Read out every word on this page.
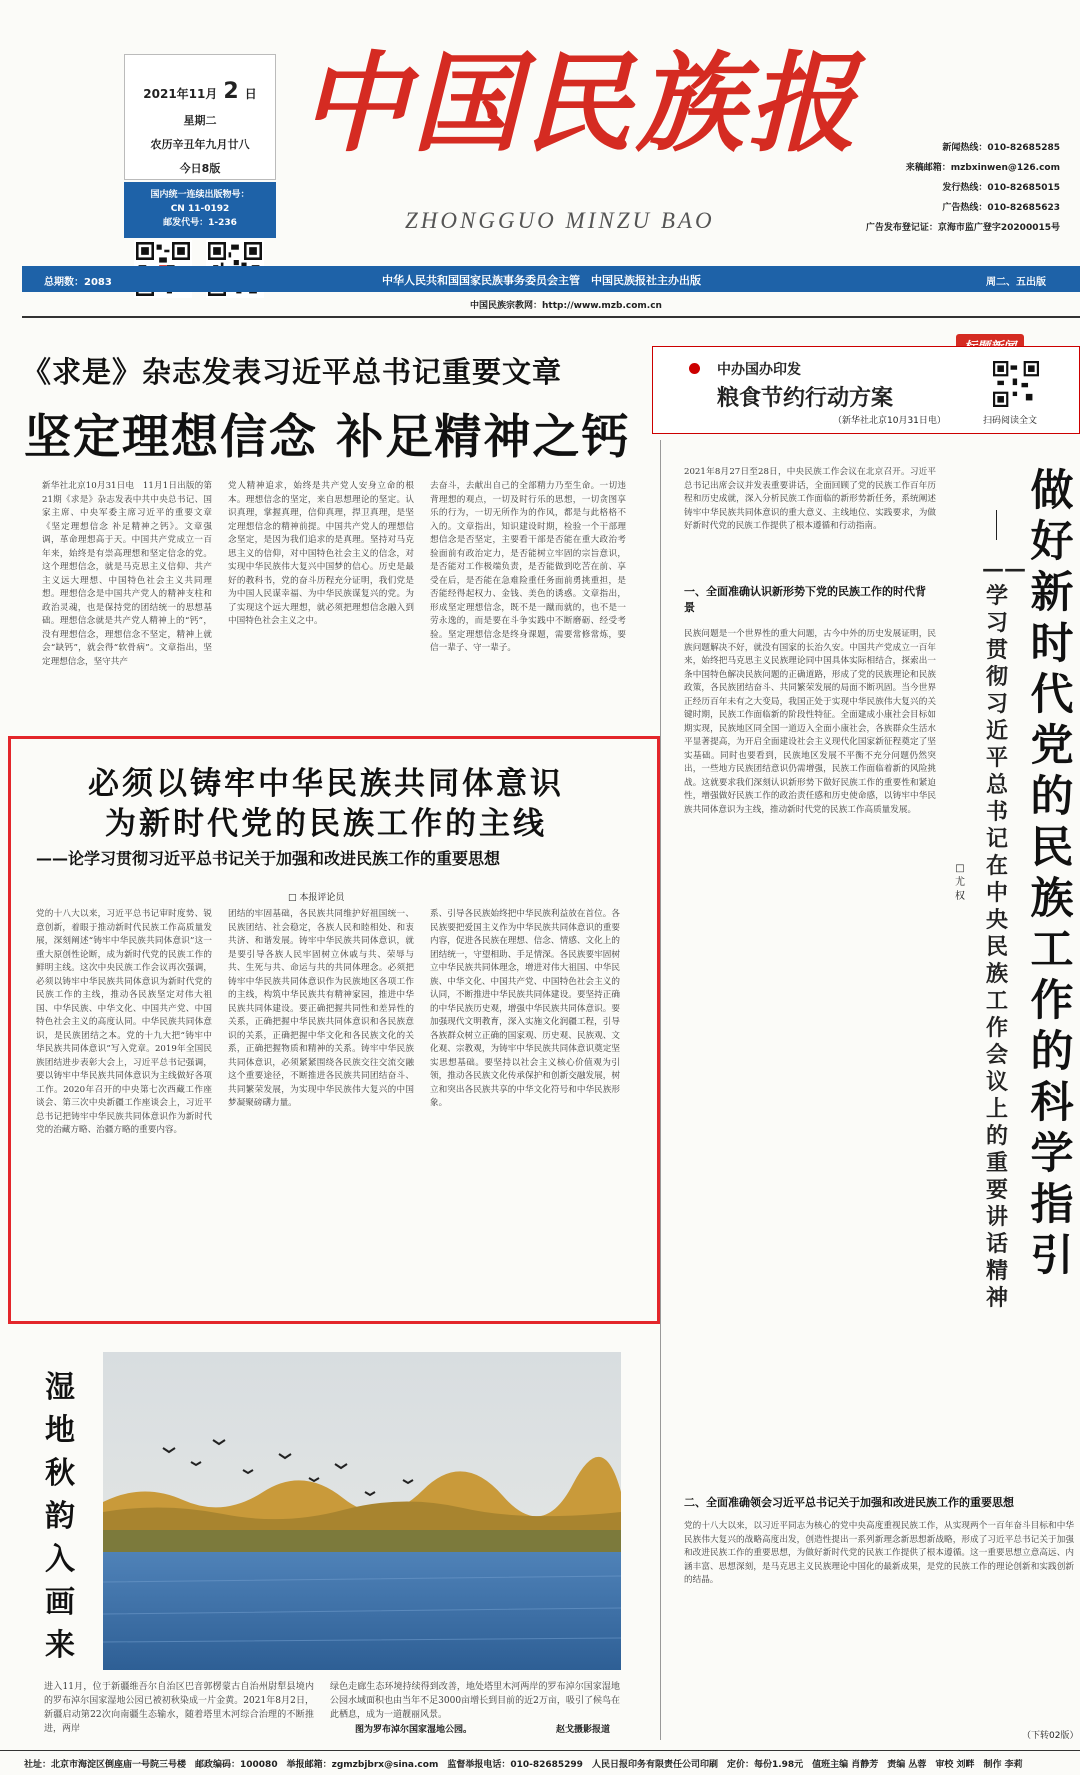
2021年11月 2 日
星期二
农历辛丑年九月廿八
今日8版
国内统一连续出版物号：
CN 11-0192
邮发代号：1-236
中国民族报
ZHONGGUO MINZU BAO
新闻热线：010-82685285
来稿邮箱：mzbxinwen@126.com
发行热线：010-82685015
广告热线：010-82685623
广告发布登记证：京海市监广登字20200015号
总期数：2083	中华人民共和国国家民族事务委员会主管　中国民族报社主办出版	周二、五出版
中国民族宗教网：http://www.mzb.com.cn
《求是》杂志发表习近平总书记重要文章
坚定理想信念 补足精神之钙
新华社北京10月31日电　11月1日出版的第21期《求是》杂志发表中共中央总书记、国家主席、中央军委主席习近平的重要文章《坚定理想信念 补足精神之钙》。文章强调，革命理想高于天。中国共产党成立一百年来，始终是有崇高理想和坚定信念的党。这个理想信念，就是马克思主义信仰、共产主义远大理想、中国特色社会主义共同理想。理想信念是中国共产党人的精神支柱和政治灵魂，也是保持党的团结统一的思想基础。理想信念就是共产党人精神上的“钙”，没有理想信念，理想信念不坚定，精神上就会“缺钙”，就会得“软骨病”。文章指出，坚定理想信念，坚守共产
党人精神追求，始终是共产党人安身立命的根本。理想信念的坚定，来自思想理论的坚定。认识真理，掌握真理，信仰真理，捍卫真理，是坚定理想信念的精神前提。中国共产党人的理想信念坚定，是因为我们追求的是真理。坚持对马克思主义的信仰，对中国特色社会主义的信念，对实现中华民族伟大复兴中国梦的信心。历史是最好的教科书，党的奋斗历程充分证明，我们党是为中国人民谋幸福、为中华民族谋复兴的党。为了实现这个远大理想，就必须把理想信念融入到中国特色社会主义之中。
去奋斗，去献出自己的全部精力乃至生命。一切违背理想的观点，一切及时行乐的思想，一切贪图享乐的行为，一切无所作为的作风，都是与此格格不入的。文章指出，知识建设时期，检验一个干部理想信念是否坚定，主要看干部是否能在重大政治考验面前有政治定力，是否能树立牢固的宗旨意识，是否能对工作极端负责，是否能做到吃苦在前、享受在后，是否能在急难险重任务面前勇挑重担，是否能经得起权力、金钱、美色的诱惑。文章指出，形成坚定理想信念，既不是一蹴而就的，也不是一劳永逸的，而是要在斗争实践中不断磨砺、经受考验。坚定理想信念是终身课题，需要常修常炼，要信一辈子、守一辈子。
中办国办印发
粮食节约行动方案
（新华社北京10月31日电）	扫码阅读全文
必须以铸牢中华民族共同体意识
为新时代党的民族工作的主线
——论学习贯彻习近平总书记关于加强和改进民族工作的重要思想
□ 本报评论员
党的十八大以来，习近平总书记审时度势、锐意创新，着眼于推动新时代民族工作高质量发展，深刻阐述“铸牢中华民族共同体意识”这一重大原创性论断，成为新时代党的民族工作的鲜明主线。这次中央民族工作会议再次强调，必须以铸牢中华民族共同体意识为新时代党的民族工作的主线，推动各民族坚定对伟大祖国、中华民族、中华文化、中国共产党、中国特色社会主义的高度认同。中华民族共同体意识，是民族团结之本。党的十九大把“铸牢中华民族共同体意识”写入党章。2019年全国民族团结进步表彰大会上，习近平总书记强调，要以铸牢中华民族共同体意识为主线做好各项工作。2020年召开的中央第七次西藏工作座谈会、第三次中央新疆工作座谈会上，习近平总书记把铸牢中华民族共同体意识作为新时代党的治藏方略、治疆方略的重要内容。
团结的牢固基础，各民族共同维护好祖国统一、民族团结、社会稳定，各族人民和睦相处、和衷共济、和谐发展。铸牢中华民族共同体意识，就是要引导各族人民牢固树立休戚与共、荣辱与共、生死与共、命运与共的共同体理念。必须把铸牢中华民族共同体意识作为民族地区各项工作的主线，构筑中华民族共有精神家园，推进中华民族共同体建设。要正确把握共同性和差异性的关系，正确把握中华民族共同体意识和各民族意识的关系，正确把握中华文化和各民族文化的关系，正确把握物质和精神的关系。铸牢中华民族共同体意识，必须紧紧围绕各民族交往交流交融这个重要途径，不断推进各民族共同团结奋斗、共同繁荣发展，为实现中华民族伟大复兴的中国梦凝聚磅礴力量。
系、引导各民族始终把中华民族利益放在首位。各民族要把爱国主义作为中华民族共同体意识的重要内容，促进各民族在理想、信念、情感、文化上的团结统一，守望相助、手足情深。各民族要牢固树立中华民族共同体理念，增进对伟大祖国、中华民族、中华文化、中国共产党、中国特色社会主义的认同，不断推进中华民族共同体建设。要坚持正确的中华民族历史观，增强中华民族共同体意识。要加强现代文明教育，深入实施文化润疆工程，引导各族群众树立正确的国家观、历史观、民族观、文化观、宗教观，为铸牢中华民族共同体意识奠定坚实思想基础。要坚持以社会主义核心价值观为引领，推动各民族文化传承保护和创新交融发展，树立和突出各民族共享的中华文化符号和中华民族形象。
做好新时代党的民族工作的科学指引
——学习贯彻习近平总书记在中央民族工作会议上的重要讲话精神
□ 尤权
2021年8月27日至28日，中央民族工作会议在北京召开。习近平总书记出席会议并发表重要讲话，全面回顾了党的民族工作百年历程和历史成就，深入分析民族工作面临的新形势新任务，系统阐述铸牢中华民族共同体意识的重大意义、主线地位、实践要求，为做好新时代党的民族工作提供了根本遵循和行动指南。
一、全面准确认识新形势下党的民族工作的时代背景
民族问题是一个世界性的重大问题，古今中外的历史发展证明，民族问题解决不好，就没有国家的长治久安。中国共产党成立一百年来，始终把马克思主义民族理论同中国具体实际相结合，探索出一条中国特色解决民族问题的正确道路，形成了党的民族理论和民族政策，各民族团结奋斗、共同繁荣发展的局面不断巩固。当今世界正经历百年未有之大变局，我国正处于实现中华民族伟大复兴的关键时期，民族工作面临新的阶段性特征。全面建成小康社会目标如期实现，民族地区同全国一道迈入全面小康社会，各族群众生活水平显著提高，为开启全面建设社会主义现代化国家新征程奠定了坚实基础。同时也要看到，民族地区发展不平衡不充分问题仍然突出，一些地方民族团结意识仍需增强，民族工作面临着新的风险挑战。这就要求我们深刻认识新形势下做好民族工作的重要性和紧迫性，增强做好民族工作的政治责任感和历史使命感，以铸牢中华民族共同体意识为主线，推动新时代党的民族工作高质量发展。
二、全面准确领会习近平总书记关于加强和改进民族工作的重要思想
党的十八大以来，以习近平同志为核心的党中央高度重视民族工作，从实现两个一百年奋斗目标和中华民族伟大复兴的战略高度出发，创造性提出一系列新理念新思想新战略，形成了习近平总书记关于加强和改进民族工作的重要思想，为做好新时代党的民族工作提供了根本遵循。这一重要思想立意高远、内涵丰富、思想深刻，是马克思主义民族理论中国化的最新成果，是党的民族工作的理论创新和实践创新的结晶。
（下转02版）
湿地秋韵入画来
进入11月，位于新疆维吾尔自治区巴音郭楞蒙古自治州尉犁县境内的罗布淖尔国家湿地公园已被初秋染成一片金黄。2021年8月2日，新疆启动第22次向南疆生态输水，随着塔里木河综合治理的不断推进，两岸
绿色走廊生态环境持续得到改善，地处塔里木河两岸的罗布淖尔国家湿地公园水域面积也由当年不足3000亩增长到目前的近2万亩，吸引了候鸟在此栖息，成为一道靓丽风景。
图为罗布淖尔国家湿地公园。	赵戈摄影报道
社址：北京市海淀区倒座庙一号院三号楼　邮政编码：100080　举报邮箱：zgmzbjbrx@sina.com　监督举报电话：010-82685299　人民日报印务有限责任公司印刷　定价：每份1.98元　值班主编 肖静芳　责编 丛蓉　审校 刘畔　制作 李莉
